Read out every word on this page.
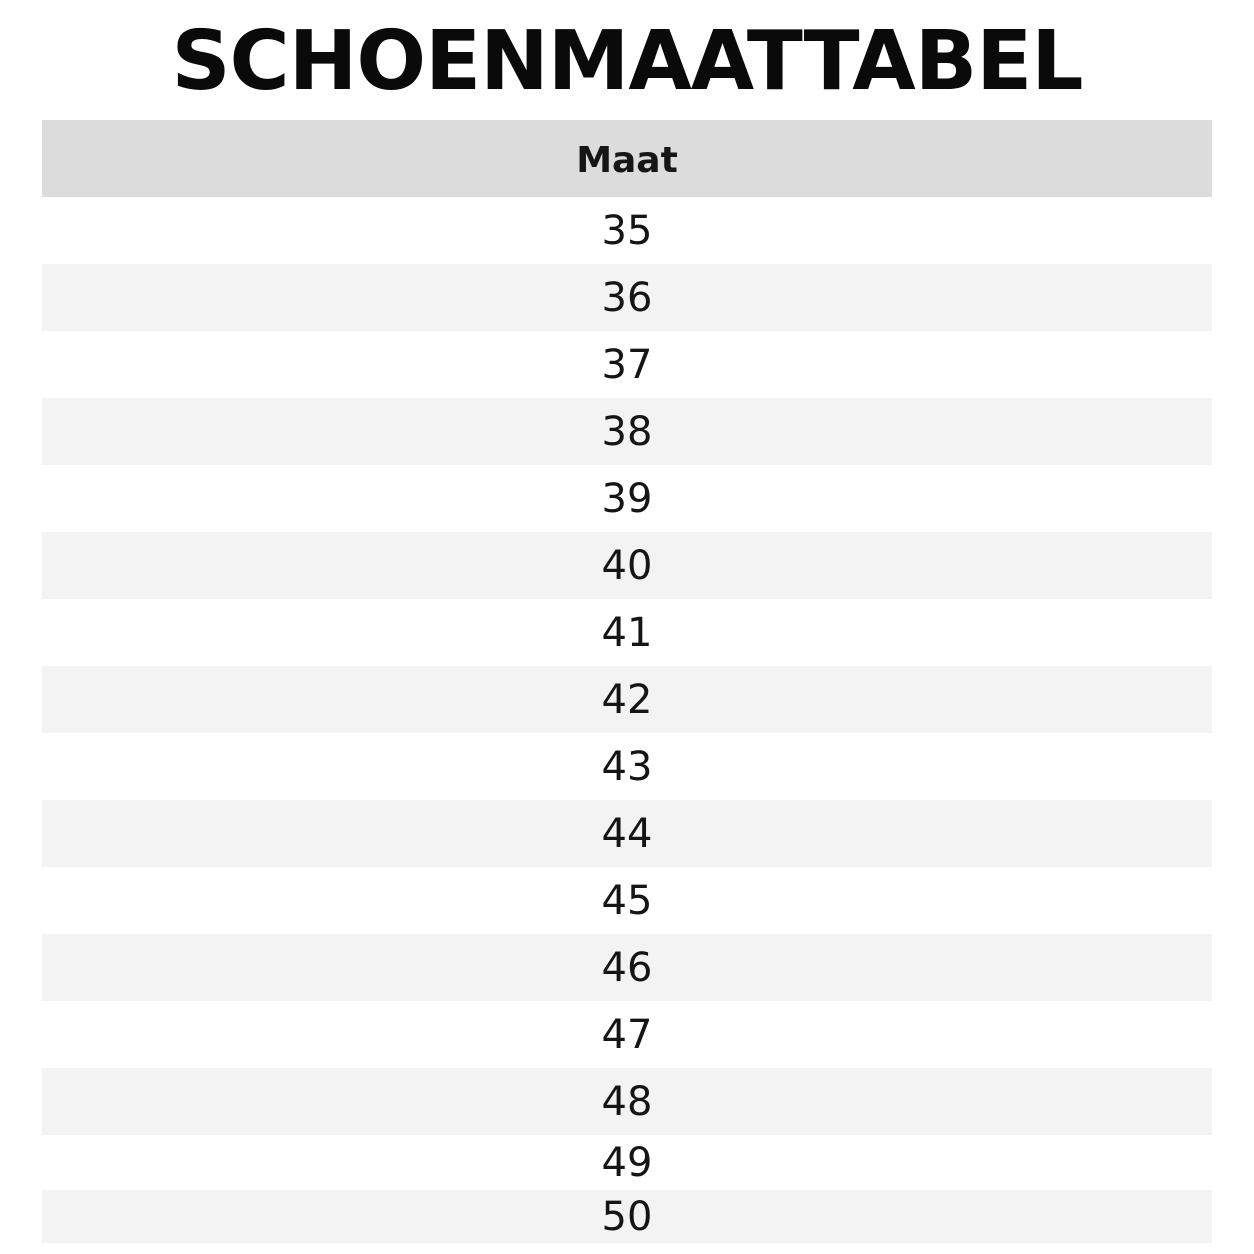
SCHOENMAATTABEL
Maat
35
36
37
38
39
40
41
42
43
44
45
46
47
48
49
50
